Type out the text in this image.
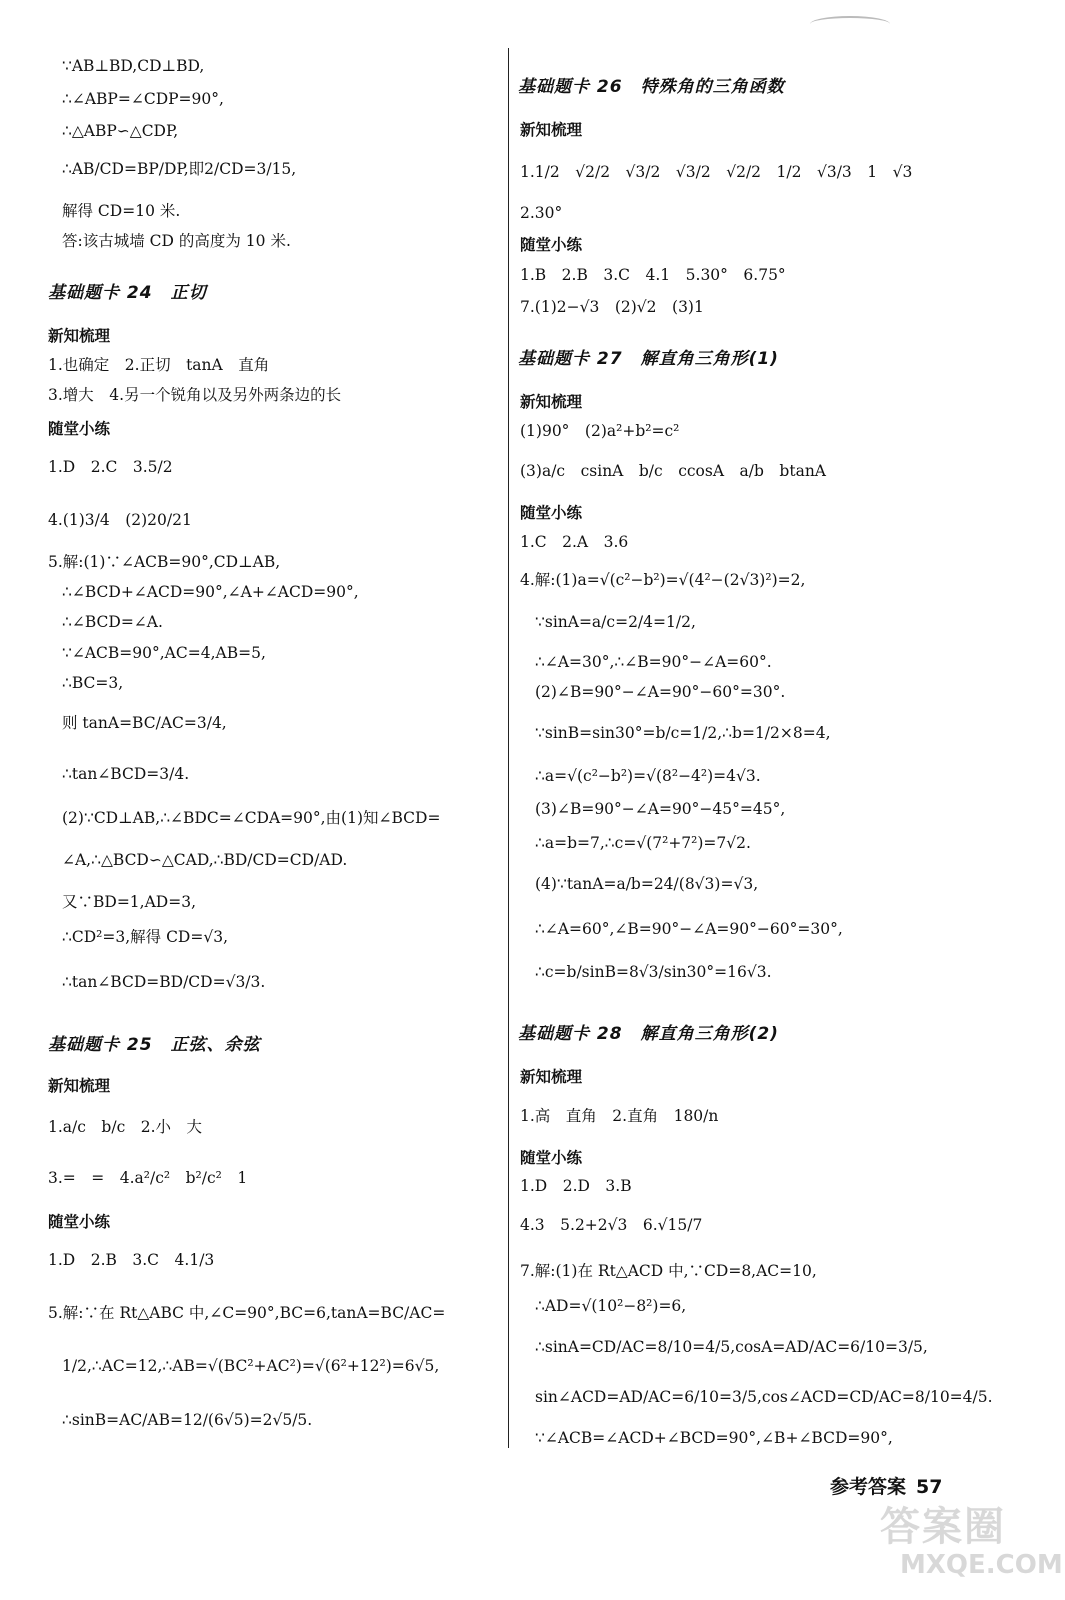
∵AB⊥BD,CD⊥BD,
∴∠ABP=∠CDP=90°,
∴△ABP∽△CDP,
∴AB/CD=BP/DP,即2/CD=3/15,
解得 CD=10 米.
答:该古城墙 CD 的高度为 10 米.
基础题卡 24　正切
新知梳理
1.也确定　2.正切　tanA　直角
3.增大　4.另一个锐角以及另外两条边的长
随堂小练
1.D　2.C　3.5/2
4.(1)3/4　(2)20/21
5.解:(1)∵∠ACB=90°,CD⊥AB,
∴∠BCD+∠ACD=90°,∠A+∠ACD=90°,
∴∠BCD=∠A.
∵∠ACB=90°,AC=4,AB=5,
∴BC=3,
则 tanA=BC/AC=3/4,
∴tan∠BCD=3/4.
(2)∵CD⊥AB,∴∠BDC=∠CDA=90°,由(1)知∠BCD=
∠A,∴△BCD∽△CAD,∴BD/CD=CD/AD.
又∵BD=1,AD=3,
∴CD²=3,解得 CD=√3,
∴tan∠BCD=BD/CD=√3/3.
基础题卡 25　正弦、余弦
新知梳理
1.a/c　b/c　2.小　大
3.=　=　4.a²/c²　b²/c²　1
随堂小练
1.D　2.B　3.C　4.1/3
5.解:∵在 Rt△ABC 中,∠C=90°,BC=6,tanA=BC/AC=
1/2,∴AC=12,∴AB=√(BC²+AC²)=√(6²+12²)=6√5,
∴sinB=AC/AB=12/(6√5)=2√5/5.
基础题卡 26　特殊角的三角函数
新知梳理
1.1/2　√2/2　√3/2　√3/2　√2/2　1/2　√3/3　1　√3
2.30°
随堂小练
1.B　2.B　3.C　4.1　5.30°　6.75°
7.(1)2−√3　(2)√2　(3)1
基础题卡 27　解直角三角形(1)
新知梳理
(1)90°　(2)a²+b²=c²
(3)a/c　csinA　b/c　ccosA　a/b　btanA
随堂小练
1.C　2.A　3.6
4.解:(1)a=√(c²−b²)=√(4²−(2√3)²)=2,
∵sinA=a/c=2/4=1/2,
∴∠A=30°,∴∠B=90°−∠A=60°.
(2)∠B=90°−∠A=90°−60°=30°.
∵sinB=sin30°=b/c=1/2,∴b=1/2×8=4,
∴a=√(c²−b²)=√(8²−4²)=4√3.
(3)∠B=90°−∠A=90°−45°=45°,
∴a=b=7,∴c=√(7²+7²)=7√2.
(4)∵tanA=a/b=24/(8√3)=√3,
∴∠A=60°,∠B=90°−∠A=90°−60°=30°,
∴c=b/sinB=8√3/sin30°=16√3.
基础题卡 28　解直角三角形(2)
新知梳理
1.高　直角　2.直角　180/n
随堂小练
1.D　2.D　3.B
4.3　5.2+2√3　6.√15/7
7.解:(1)在 Rt△ACD 中,∵CD=8,AC=10,
∴AD=√(10²−8²)=6,
∴sinA=CD/AC=8/10=4/5,cosA=AD/AC=6/10=3/5,
sin∠ACD=AD/AC=6/10=3/5,cos∠ACD=CD/AC=8/10=4/5.
∵∠ACB=∠ACD+∠BCD=90°,∠B+∠BCD=90°,
参考答案 57
答案圈
MXQE.COM
